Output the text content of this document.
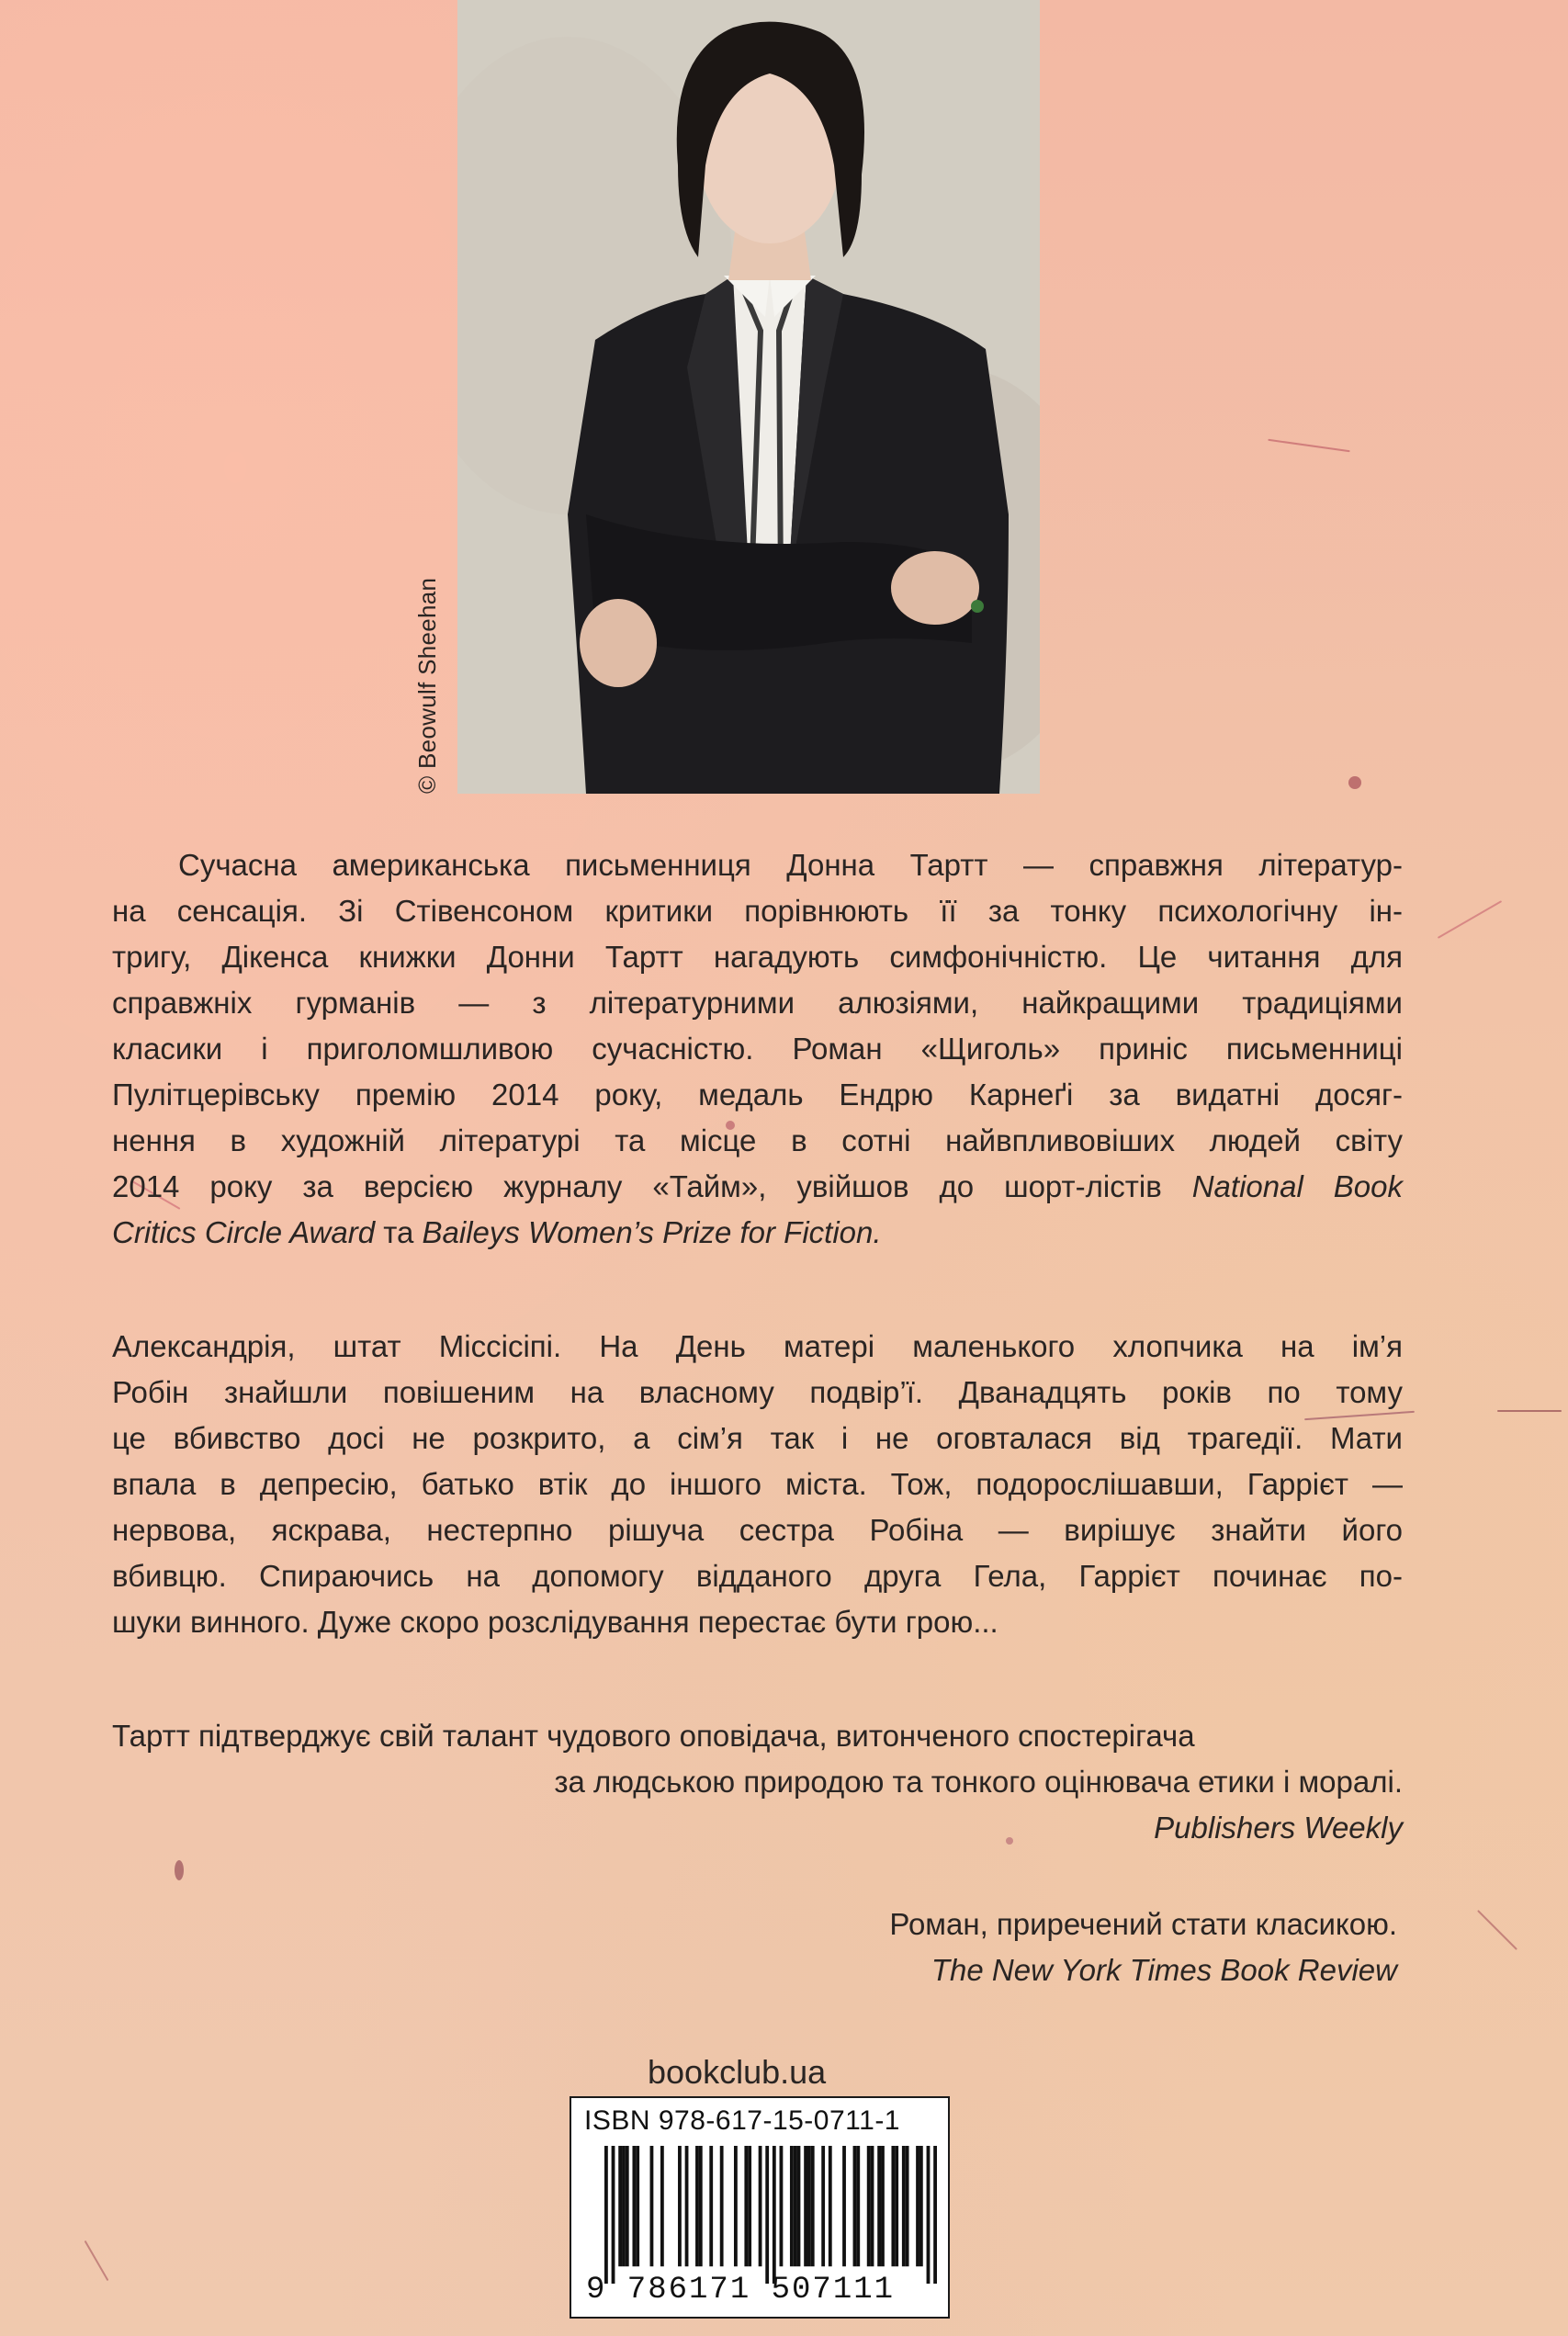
© Beowulf Sheehan
Сучасна американська письменниця Донна Тартт — справжня літератур-
на сенсація. Зі Стівенсоном критики порівнюють її за тонку психологічну ін-
тригу, Дікенса книжки Донни Тартт нагадують симфонічністю. Це читання для
справжніх гурманів — з літературними алюзіями, найкращими традиціями
класики і приголомшливою сучасністю. Роман «Щиголь» приніс письменниці
Пулітцерівську премію 2014 року, медаль Ендрю Карнеґі за видатні досяг-
нення в художній літературі та місце в сотні найвпливовіших людей світу
2014 року за версією журналу «Тайм», увійшов до шорт-лістів National Book
Critics Circle Award та Baileys Women’s Prize for Fiction.
Александрія, штат Міссісіпі. На День матері маленького хлопчика на ім’я
Робін знайшли повішеним на власному подвір’ї. Дванадцять років по тому
це вбивство досі не розкрито, а сім’я так і не оговталася від трагедії. Мати
впала в депресію, батько втік до іншого міста. Тож, подорослішавши, Гаррієт —
нервова, яскрава, нестерпно рішуча сестра Робіна — вирішує знайти його
вбивцю. Спираючись на допомогу відданого друга Гела, Гаррієт починає по-
шуки винного. Дуже скоро розслідування перестає бути грою...
Тартт підтверджує свій талант чудового оповідача, витонченого спостерігача
за людською природою та тонкого оцінювача етики і моралі.
Publishers Weekly
Роман, приречений стати класикою.
The New York Times Book Review
bookclub.ua
ISBN 978-617-15-0711-1
9 786171 507111
